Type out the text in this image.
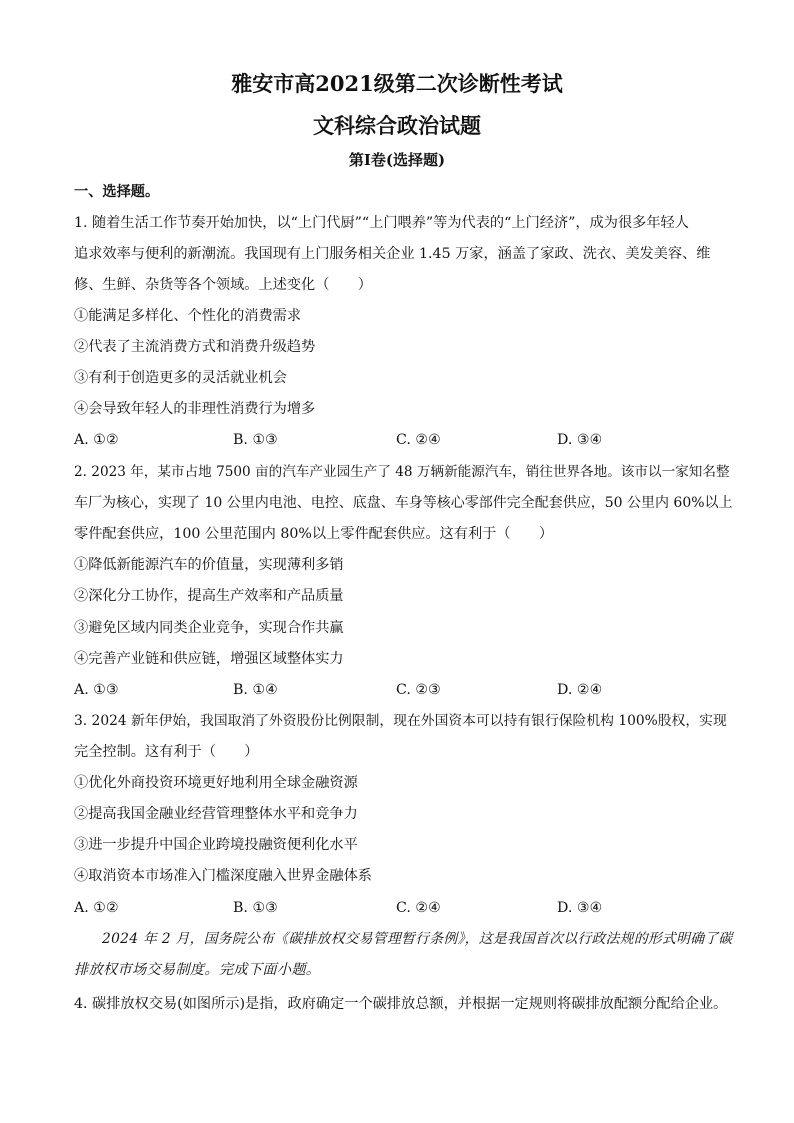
雅安市高2021级第二次诊断性考试
文科综合政治试题
第Ⅰ卷(选择题)
一、选择题。
1. 随着生活工作节奏开始加快，以“上门代厨”“上门喂养”等为代表的“上门经济”，成为很多年轻人
追求效率与便利的新潮流。我国现有上门服务相关企业 1.45 万家，涵盖了家政、洗衣、美发美容、维
修、生鲜、杂货等各个领域。上述变化（　　）
①能满足多样化、个性化的消费需求
②代表了主流消费方式和消费升级趋势
③有利于创造更多的灵活就业机会
④会导致年轻人的非理性消费行为增多
A. ①②	B. ①③	C. ②④	D. ③④
2. 2023 年，某市占地 7500 亩的汽车产业园生产了 48 万辆新能源汽车，销往世界各地。该市以一家知名整
车厂为核心，实现了 10 公里内电池、电控、底盘、车身等核心零部件完全配套供应，50 公里内 60%以上
零件配套供应，100 公里范围内 80%以上零件配套供应。这有利于（　　）
①降低新能源汽车的价值量，实现薄利多销
②深化分工协作，提高生产效率和产品质量
③避免区域内同类企业竞争，实现合作共赢
④完善产业链和供应链，增强区域整体实力
A. ①③	B. ①④	C. ②③	D. ②④
3. 2024 新年伊始，我国取消了外资股份比例限制，现在外国资本可以持有银行保险机构 100%股权，实现
完全控制。这有利于（　　）
①优化外商投资环境更好地利用全球金融资源
②提高我国金融业经营管理整体水平和竞争力
③进一步提升中国企业跨境投融资便利化水平
④取消资本市场准入门槛深度融入世界金融体系
A. ①②	B. ①③	C. ②④	D. ③④
2024 年 2 月，国务院公布《碳排放权交易管理暂行条例》，这是我国首次以行政法规的形式明确了碳
排放权市场交易制度。完成下面小题。
4. 碳排放权交易(如图所示)是指，政府确定一个碳排放总额，并根据一定规则将碳排放配额分配给企业。
